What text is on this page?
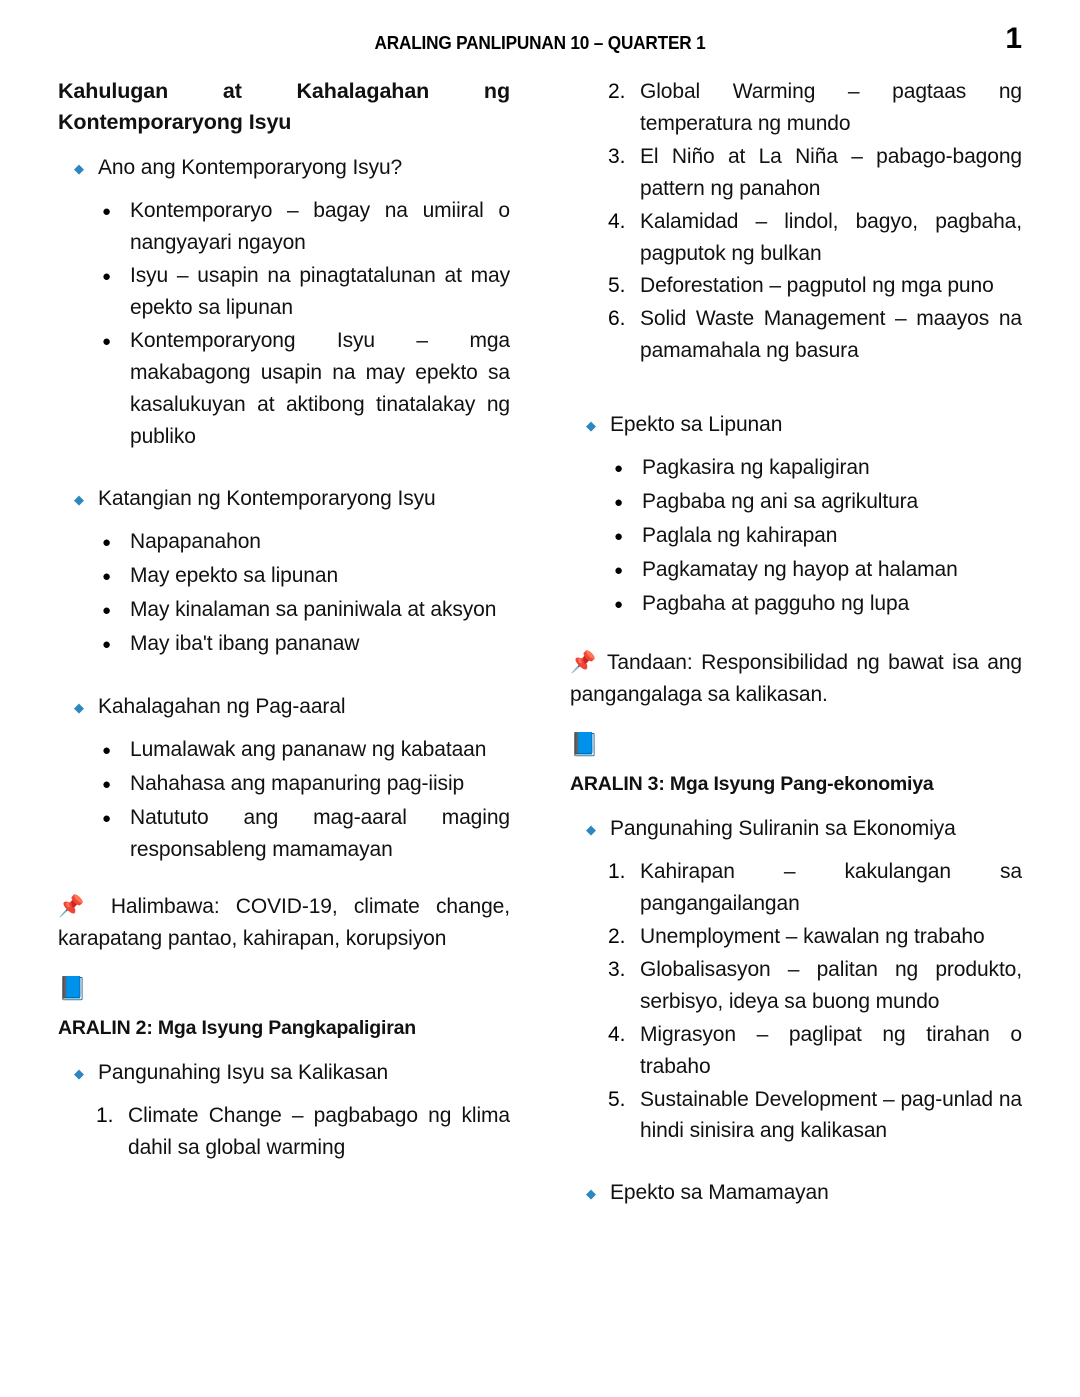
ARALING PANLIPUNAN 10 – QUARTER 1	1
Kahulugan at Kahalagahan ng Kontemporaryong Isyu
◆ Ano ang Kontemporaryong Isyu?
● Kontemporaryo – bagay na umiiral o nangyayari ngayon
● Isyu – usapin na pinagtatalunan at may epekto sa lipunan
● Kontemporaryong Isyu – mga makabagong usapin na may epekto sa kasalukuyan at aktibong tinatalakay ng publiko
◆ Katangian ng Kontemporaryong Isyu
● Napapanahon
● May epekto sa lipunan
● May kinalaman sa paniniwala at aksyon
● May iba't ibang pananaw
◆ Kahalagahan ng Pag-aaral
● Lumalawak ang pananaw ng kabataan
● Nahahasa ang mapanuring pag-iisip
● Natututo ang mag-aaral maging responsableng mamamayan
📌 Halimbawa: COVID-19, climate change, karapatang pantao, kahirapan, korupsiyon
📘
ARALIN 2: Mga Isyung Pangkapaligiran
◆ Pangunahing Isyu sa Kalikasan
1. Climate Change – pagbabago ng klima dahil sa global warming
2. Global Warming – pagtaas ng temperatura ng mundo
3. El Niño at La Niña – pabago-bagong pattern ng panahon
4. Kalamidad – lindol, bagyo, pagbaha, pagputok ng bulkan
5. Deforestation – pagputol ng mga puno
6. Solid Waste Management – maayos na pamamahala ng basura
◆ Epekto sa Lipunan
● Pagkasira ng kapaligiran
● Pagbaba ng ani sa agrikultura
● Paglala ng kahirapan
● Pagkamatay ng hayop at halaman
● Pagbaha at pagguho ng lupa
📌 Tandaan: Responsibilidad ng bawat isa ang pangangalaga sa kalikasan.
📘
ARALIN 3: Mga Isyung Pang-ekonomiya
◆ Pangunahing Suliranin sa Ekonomiya
1. Kahirapan – kakulangan sa pangangailangan
2. Unemployment – kawalan ng trabaho
3. Globalisasyon – palitan ng produkto, serbisyo, ideya sa buong mundo
4. Migrasyon – paglipat ng tirahan o trabaho
5. Sustainable Development – pag-unlad na hindi sinisira ang kalikasan
◆ Epekto sa Mamamayan
